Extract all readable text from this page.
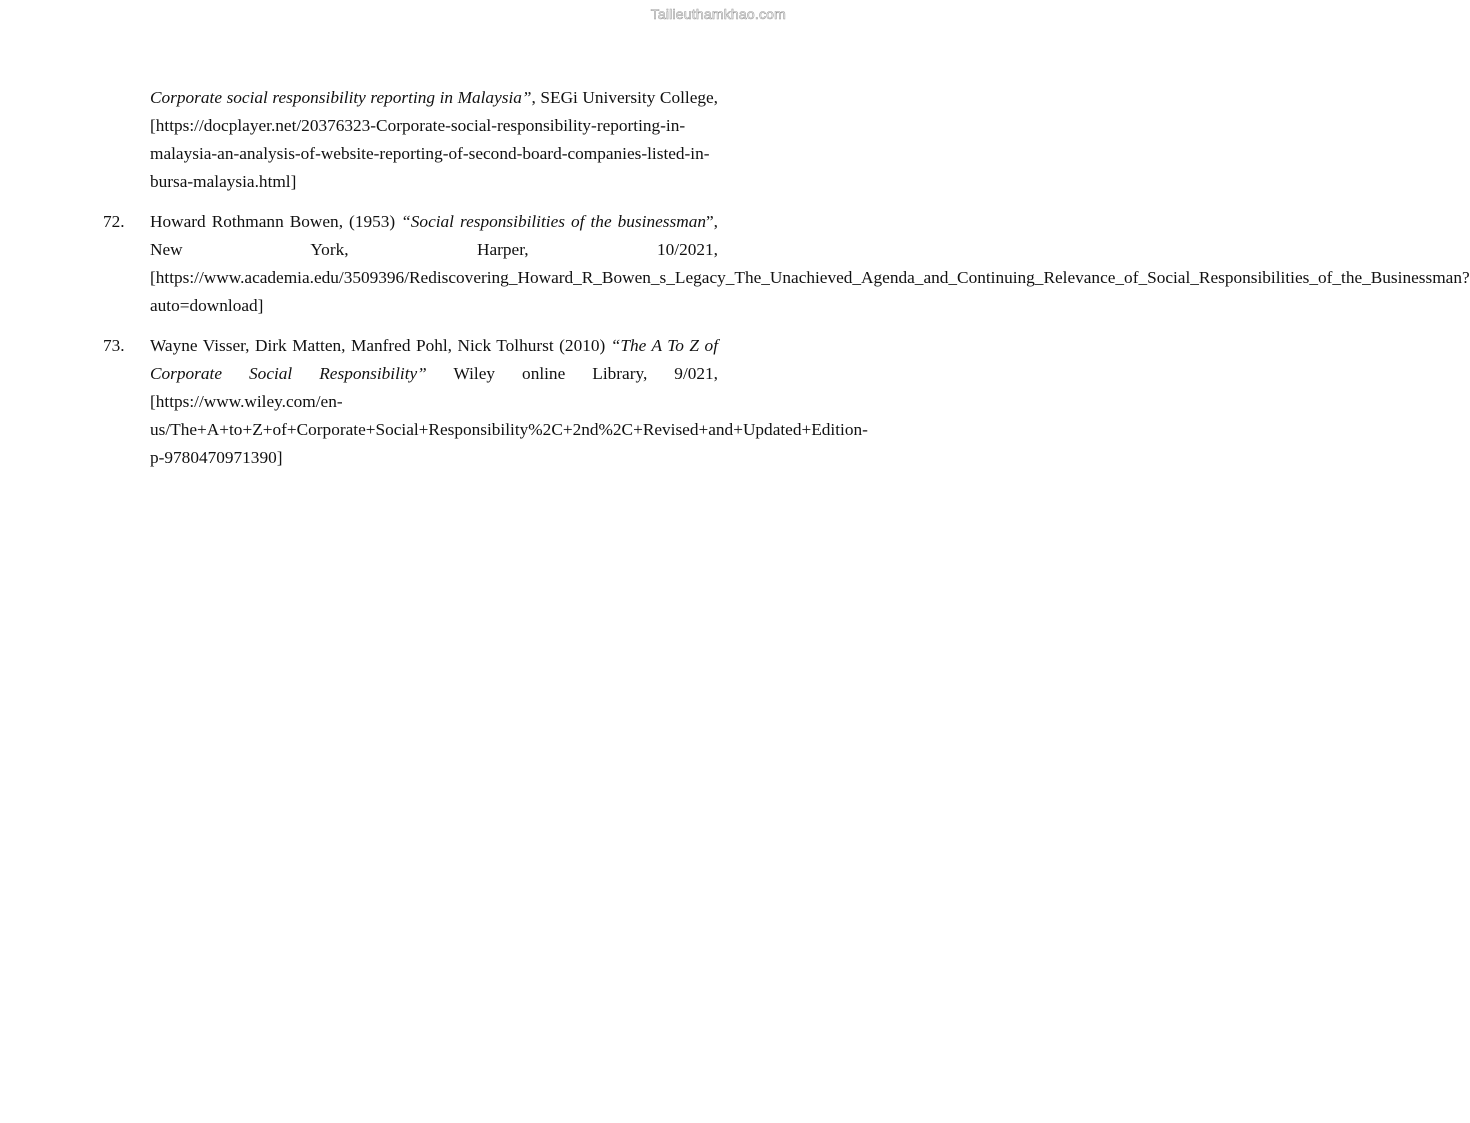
Tailieuthamkhao.com
Corporate social responsibility reporting in Malaysia”, SEGi University College, [https://docplayer.net/20376323-Corporate-social-responsibility-reporting-in-malaysia-an-analysis-of-website-reporting-of-second-board-companies-listed-in-bursa-malaysia.html]
72. Howard Rothmann Bowen, (1953) “Social responsibilities of the businessman”, New York, Harper, 10/2021, [https://www.academia.edu/3509396/Rediscovering_Howard_R_Bowen_s_Legacy_The_Unachieved_Agenda_and_Continuing_Relevance_of_Social_Responsibilities_of_the_Businessman?auto=download]
73. Wayne Visser, Dirk Matten, Manfred Pohl, Nick Tolhurst (2010) “The A To Z of Corporate Social Responsibility” Wiley online Library, 9/021, [https://www.wiley.com/en-us/The+A+to+Z+of+Corporate+Social+Responsibility%2C+2nd%2C+Revised+and+Updated+Edition-p-9780470971390]
